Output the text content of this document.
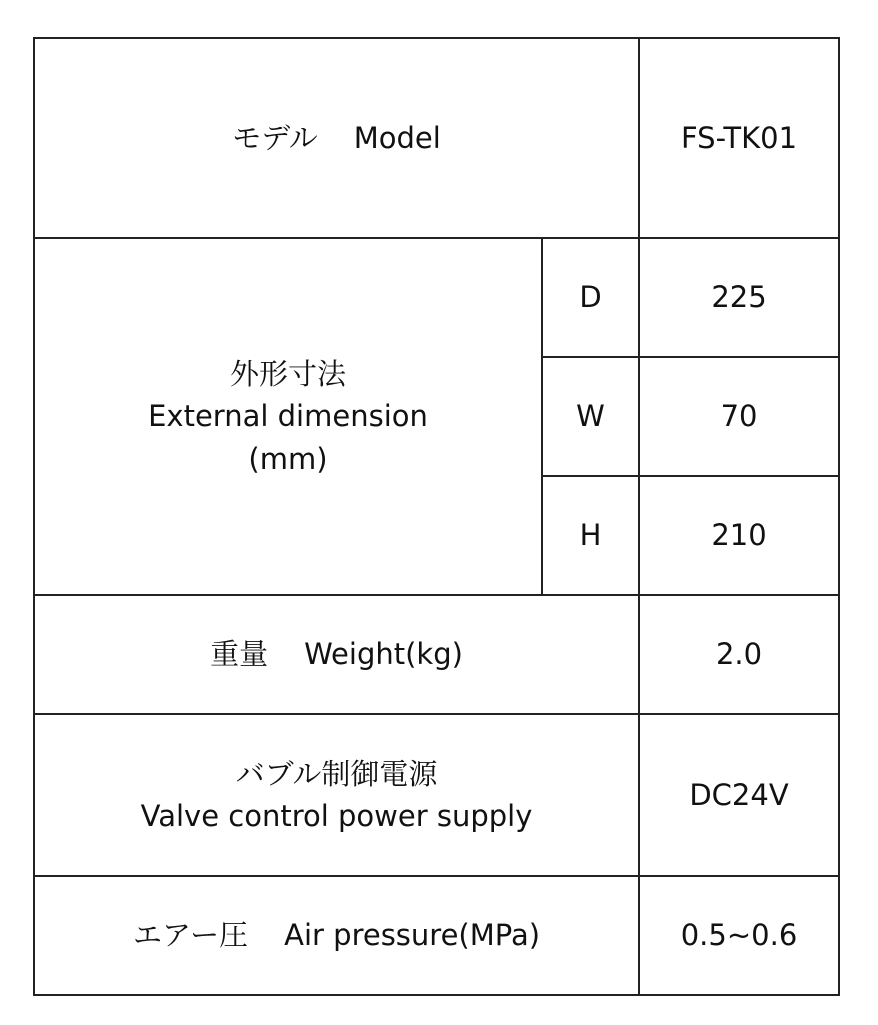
モデル Model		FS-TK01

外形寸法
External dimension
(mm)	D	225
	W	70
	H	210
重量 Weight(kg)		2.0

バブル制御電源
Valve control power supply		DC24V
エアー圧 Air pressure(MPa)		0.5~0.6
